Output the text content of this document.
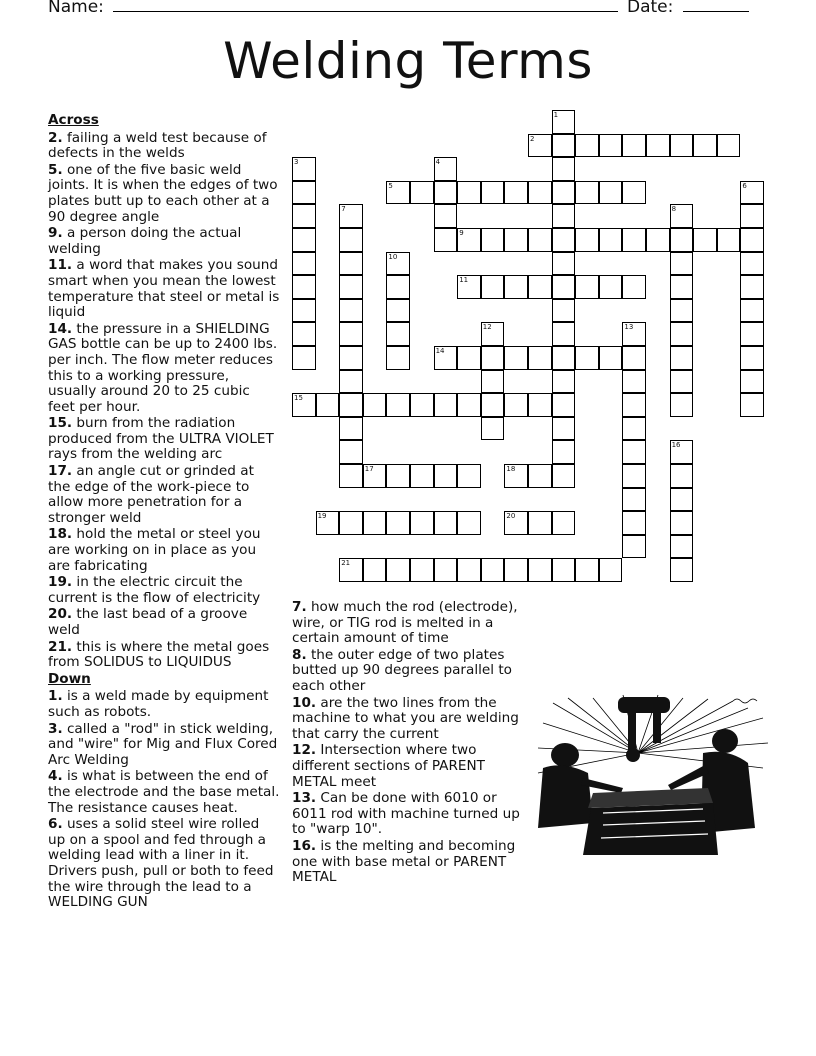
Name:	Date:
Welding Terms
Across
2. failing a weld test because of defects in the welds
5. one of the five basic weld joints. It is when the edges of two plates butt up to each other at a 90 degree angle
9. a person doing the actual welding
11. a word that makes you sound smart when you mean the lowest temperature that steel or metal is liquid
14. the pressure in a SHIELDING GAS bottle can be up to 2400 lbs. per inch. The flow meter reduces this to a working pressure, usually around 20 to 25 cubic feet per hour.
15. burn from the radiation produced from the ULTRA VIOLET rays from the welding arc
17. an angle cut or grinded at the edge of the work-piece to allow more penetration for a stronger weld
18. hold the metal or steel you are working on in place as you are fabricating
19. in the electric circuit the current is the flow of electricity
20. the last bead of a groove weld
21. this is where the metal goes from SOLIDUS to LIQUIDUS
Down
1. is a weld made by equipment such as robots.
3. called a "rod" in stick welding, and "wire" for Mig and Flux Cored Arc Welding
4. is what is between the end of the electrode and the base metal. The resistance causes heat.
6. uses a solid steel wire rolled up on a spool and fed through a welding lead with a liner in it. Drivers push, pull or both to feed the wire through the lead to a WELDING GUN
7. how much the rod (electrode), wire, or TIG rod is melted in a certain amount of time
8. the outer edge of two plates butted up 90 degrees parallel to each other
10. are the two lines from the machine to what you are welding that carry the current
12. Intersection where two different sections of PARENT METAL meet
13. Can be done with 6010 or 6011 rod with machine turned up to "warp 10".
16. is the melting and becoming one with base metal or PARENT METAL
1
2
3	4
5	6
7	8
9
10
11
12	13
14
15
16
17	18
19	20
21
